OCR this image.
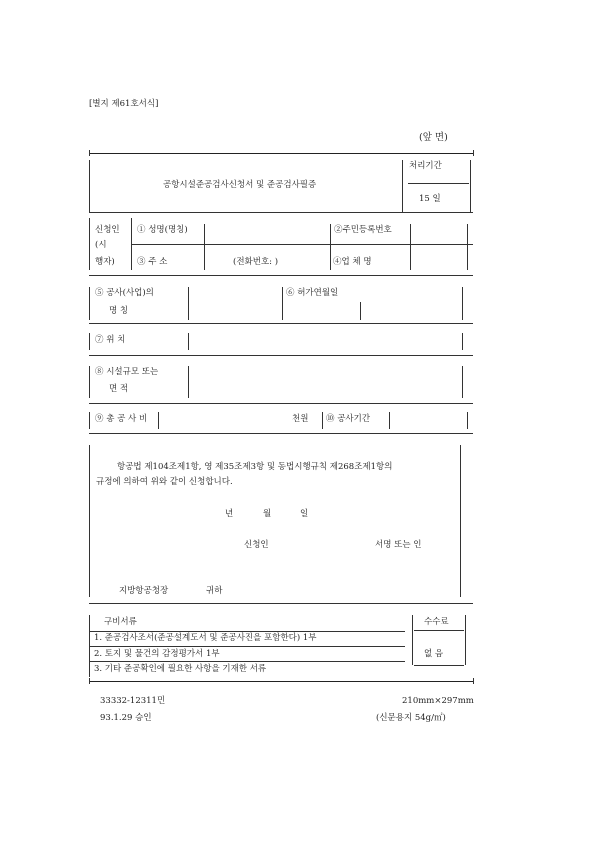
[별지 제61호서식]
(앞 면)
공항시설준공검사신청서 및 준공검사필증
처리기간
15 일
신청인
(시
행자)
① 성명(명칭)	②주민등록번호
③ 주 소	(전화번호: )	④업 체 명
⑤ 공사(사업)의
명 칭
⑥ 허가연월일
⑦ 위 치
⑧ 시설규모 또는
면 적
⑨ 총 공 사 비	천원 ⑩ 공사기간
항공법 제104조제1항, 영 제35조제3항 및 동법시행규칙 제268조제1항의
규정에 의하여 위와 같이 신청합니다.
년	월	일
신청인	서명 또는 인
지방항공청장	귀하
구비서류
1. 준공검사조서(준공설계도서 및 준공사진을 포함한다) 1부
2. 토지 및 물건의 감정평가서 1부
3. 기타 준공확인에 필요한 사항을 기재한 서류
수수료
없 음
33332-12311민	210mm×297mm
93.1.29 승인	(신문용지 54g/㎡)
